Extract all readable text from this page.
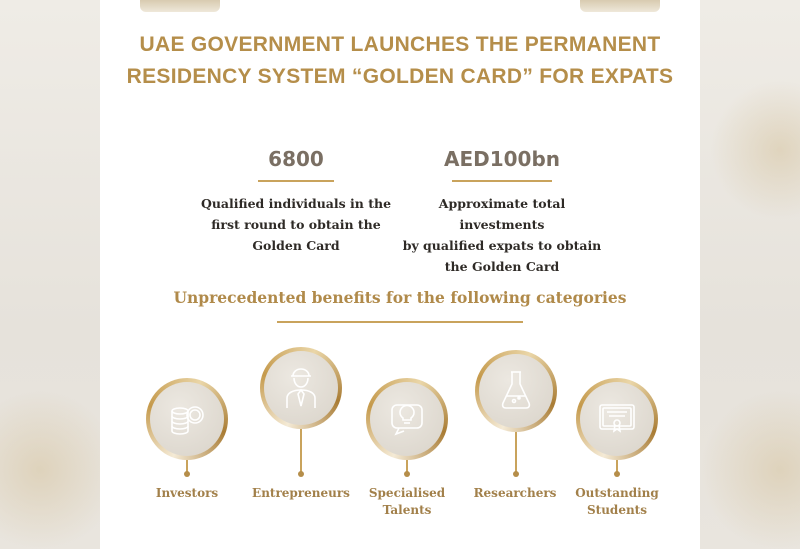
UAE GOVERNMENT LAUNCHES THE PERMANENT
RESIDENCY SYSTEM “GOLDEN CARD” FOR EXPATS
6800
Qualified individuals in the
first round to obtain the
Golden Card
AED100bn
Approximate total investments
by qualified expats to obtain
the Golden Card
Unprecedented benefits for the following categories
Investors	Entrepreneurs	Specialised
Talents
Researchers	Outstanding
Students
